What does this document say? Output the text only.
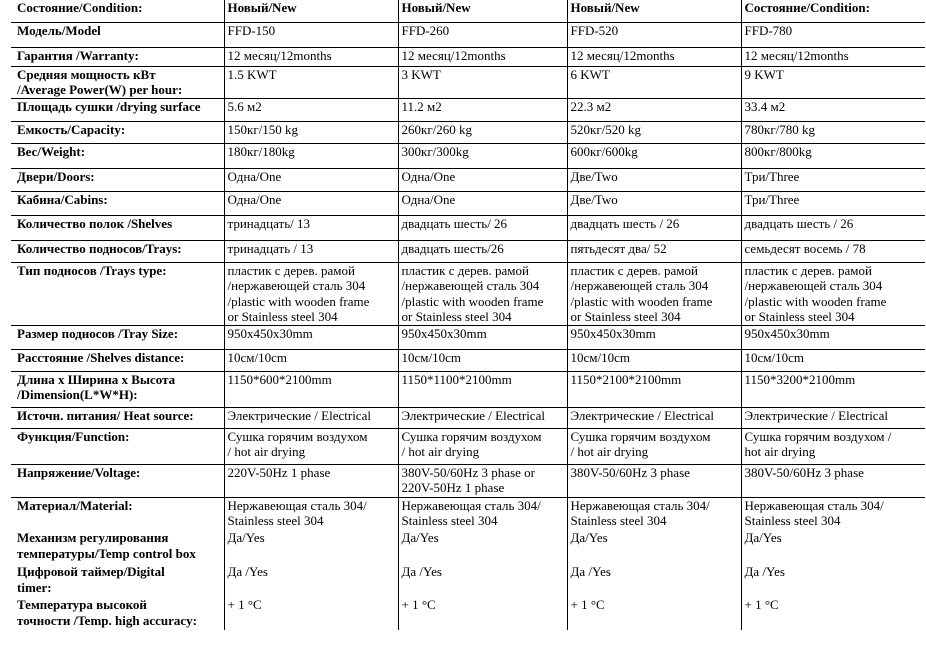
Состояние/Condition:	Новый/New	Новый/New	Новый/New	Состояние/Condition:
Модель/Model	FFD-150	FFD-260	FFD-520	FFD-780
Гарантия /Warranty:	12 месяц/12months	12 месяц/12months	12 месяц/12months	12 месяц/12months
Средняя мощность кВт
/Average Power(W) per hour:	1.5 KWT	3 KWT	6 KWT	9 KWT
Площадь сушки /drying surface	5.6 м2	11.2 м2	22.3 м2	33.4 м2
Емкость/Capacity:	150кг/150 kg	260кг/260 kg	520кг/520 kg	780кг/780 kg
Вес/Weight:	180кг/180kg	300кг/300kg	600кг/600kg	800кг/800kg
Двери/Doors:	Одна/One	Одна/One	Две/Two	Три/Three
Кабина/Cabins:	Одна/One	Одна/One	Две/Two	Три/Three
Количество полок /Shelves	тринадцать/ 13	двадцать шесть/ 26	двадцать шесть / 26	двадцать шесть / 26
Количество подносов/Trays:	тринадцать / 13	двадцать шесть/26	пятьдесят два/ 52	семьдесят восемь / 78
Тип подносов /Trays type:	пластик с дерев. рамой
/нержавеющей сталь 304
/plastic with wooden frame
or Stainless steel 304	пластик с дерев. рамой
/нержавеющей сталь 304
/plastic with wooden frame
or Stainless steel 304	пластик с дерев. рамой
/нержавеющей сталь 304
/plastic with wooden frame
or Stainless steel 304	пластик с дерев. рамой
/нержавеющей сталь 304
/plastic with wooden frame
or Stainless steel 304
Размер подносов /Tray Size:	950x450x30mm	950x450x30mm	950x450x30mm	950x450x30mm
Расстояние /Shelves distance:	10cм/10cm	10cм/10cm	10cм/10cm	10cм/10cm
Длина x Ширина x Высота
/Dimension(L*W*H):	1150*600*2100mm	1150*1100*2100mm	1150*2100*2100mm	1150*3200*2100mm
Источн. питания/ Heat source:	Электрические / Electrical	Электрические / Electrical	Электрические / Electrical	Электрические / Electrical
Функция/Function:	Сушка горячим воздухом
/ hot air drying	Сушка горячим воздухом
/ hot air drying	Сушка горячим воздухом
/ hot air drying	Сушка горячим воздухом /
hot air drying
Напряжение/Voltage:	220V-50Hz 1 phase	380V-50/60Hz 3 phase or
220V-50Hz 1 phase	380V-50/60Hz 3 phase	380V-50/60Hz 3 phase
Материал/Material:	Нержавеющая сталь 304/
Stainless steel 304	Нержавеющая сталь 304/
Stainless steel 304	Нержавеющая сталь 304/
Stainless steel 304	Нержавеющая сталь 304/
Stainless steel 304
Механизм регулирования
температуры/Temp control box	Да/Yes	Да/Yes	Да/Yes	Да/Yes
Цифровой таймер/Digital
timer:	Да /Yes	Да /Yes	Да /Yes	Да /Yes
Температура высокой
точности /Temp. high accuracy:	+ 1 °C	+ 1 °C	+ 1 °C	+ 1 °C
